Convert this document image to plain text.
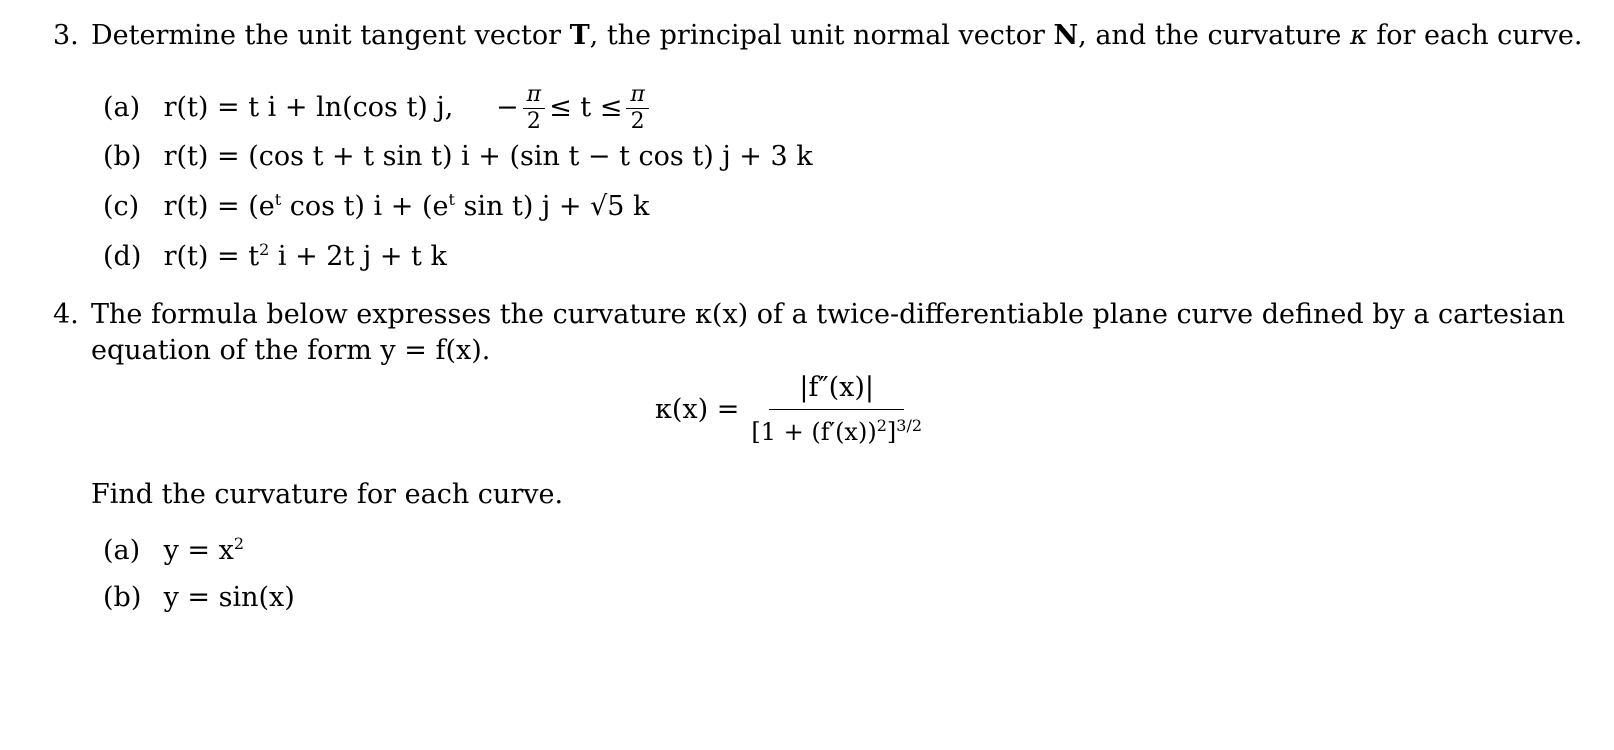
3. Determine the unit tangent vector T, the principal unit normal vector N, and the curvature κ for each curve.
(a) r(t) = t i + ln(cos t) j, − $\frac{\pi}{2} \le t \le \frac{\pi}{2}$
(b) r(t) = (cos t + t sin t) i + (sin t − t cos t) j + 3 k
(c) $r(t) = (e^t$ cos t) $i + (e^t$ sin t) j + √5 k
(d) $r(t) = t^2$ i + 2t j + t k
4. The formula below expresses the curvature κ(x) of a twice-differentiable plane curve defined by a cartesian
equation of the form y = f(x).
$\kappa(x) = \frac{|f''(x)|}{[1 + (f'(x))^2]^{3/2}}$
Find the curvature for each curve.
(a) $y = x^2$
(b) y = sin(x)
